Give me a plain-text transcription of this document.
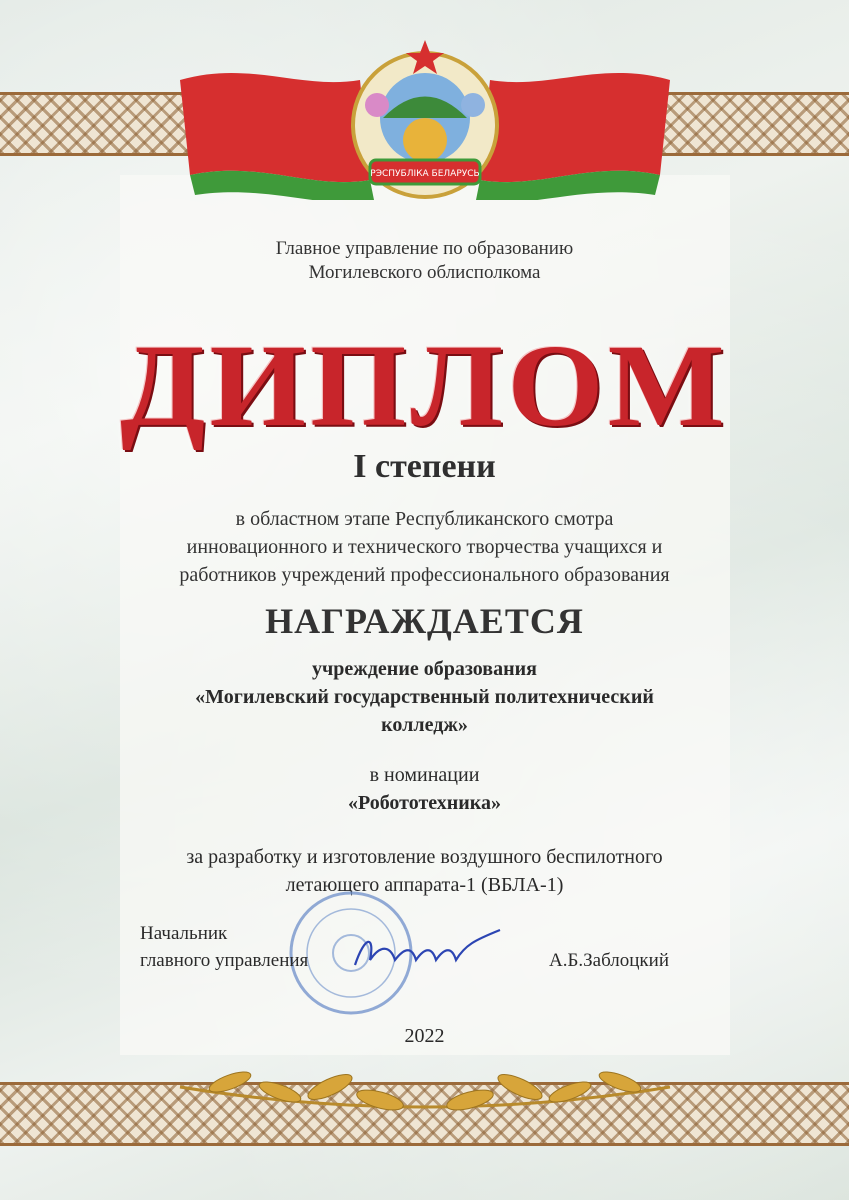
РЭСПУБЛІКА БЕЛАРУСЬ
Главное управление по образованию
Могилевского облисполкома
ДИПЛОМ
I степени
в областном этапе Республиканского смотра
инновационного и технического творчества учащихся и
работников учреждений профессионального образования
НАГРАЖДАЕТСЯ
учреждение образования
«Могилевский государственный политехнический
колледж»
в номинации
«Робототехника»
за разработку и изготовление воздушного беспилотного
летающего аппарата-1 (ВБЛА-1)
Начальник
главного управления	А.Б.Заблоцкий
2022
